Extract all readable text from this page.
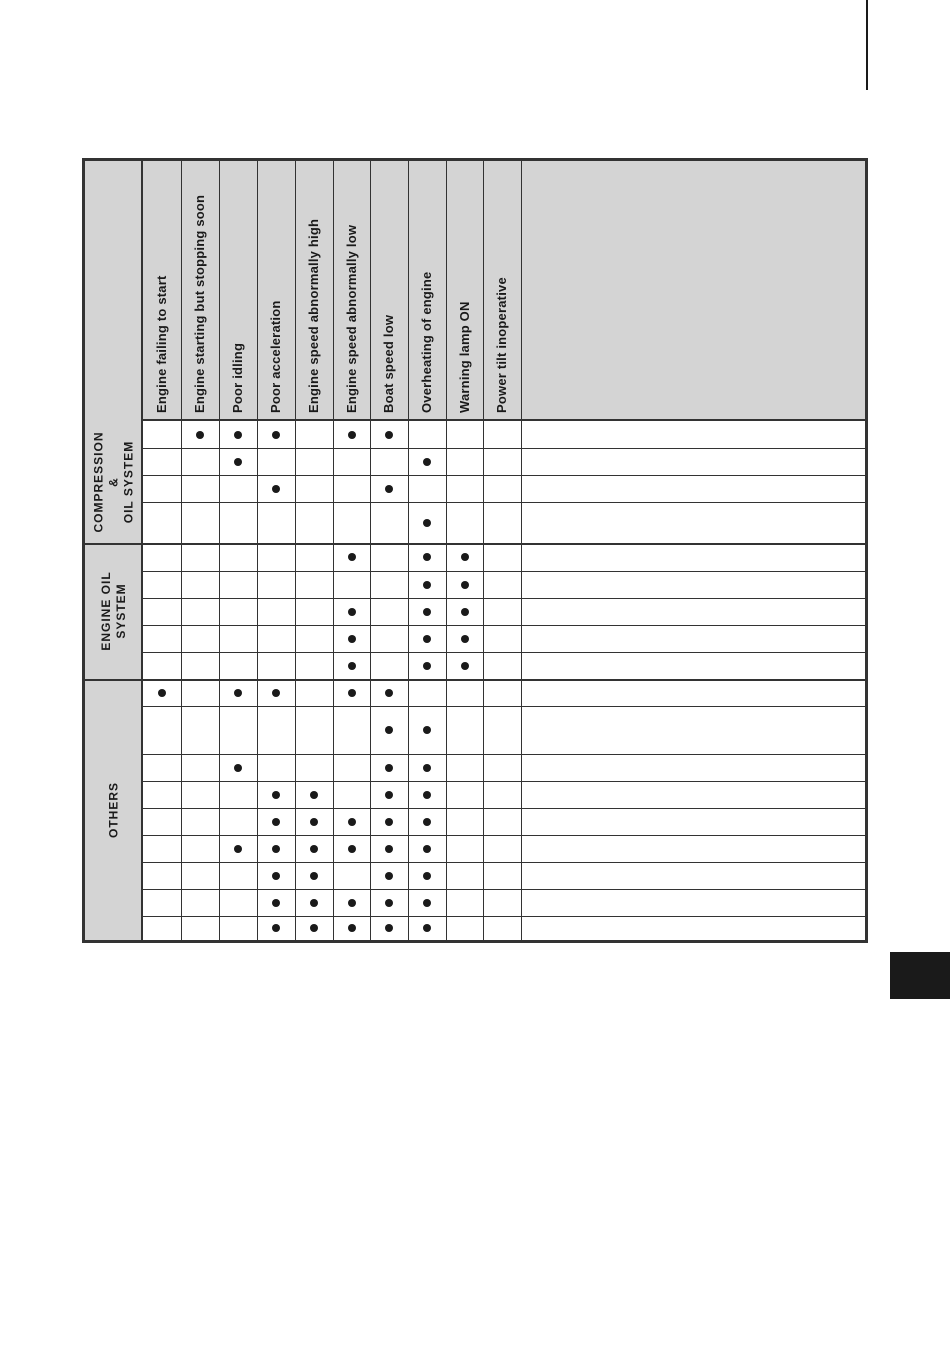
Engine failing to start Engine starting but stopping soon Poor idling Poor acceleration Engine speed abnormally high Engine speed abnormally low Boat speed low Overheating of engine Warning lamp ON Power tilt inoperative
COMPRESSION & OIL SYSTEM
ENGINE OIL SYSTEM
OTHERS
